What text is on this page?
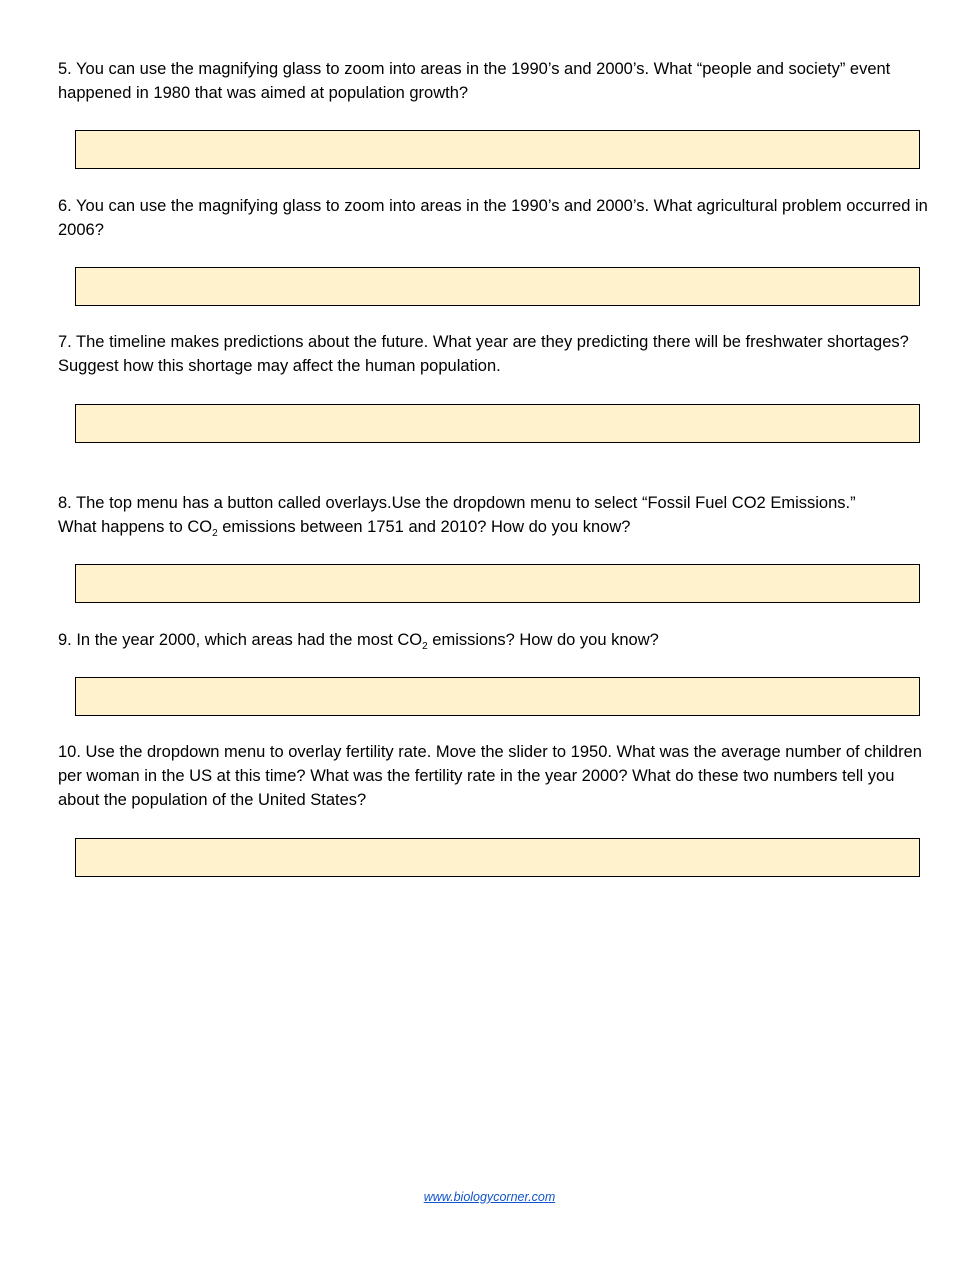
5. You can use the magnifying glass to zoom into areas in the 1990’s and 2000’s. What “people and society” event happened in 1980 that was aimed at population growth?

6. You can use the magnifying glass to zoom into areas in the 1990’s and 2000’s. What agricultural problem occurred in 2006?

7. The timeline makes predictions about the future. What year are they predicting there will be freshwater shortages? Suggest how this shortage may affect the human population.

8. The top menu has a button called overlays.Use the dropdown menu to select “Fossil Fuel CO2 Emissions.”
What happens to $CO_2$ emissions between 1751 and 2010? How do you know?

9. In the year 2000, which areas had the most $CO_2$ emissions? How do you know?

10. Use the dropdown menu to overlay fertility rate. Move the slider to 1950. What was the average number of children per woman in the US at this time? What was the fertility rate in the year 2000? What do these two numbers tell you about the population of the United States?

www.biologycorner.com
